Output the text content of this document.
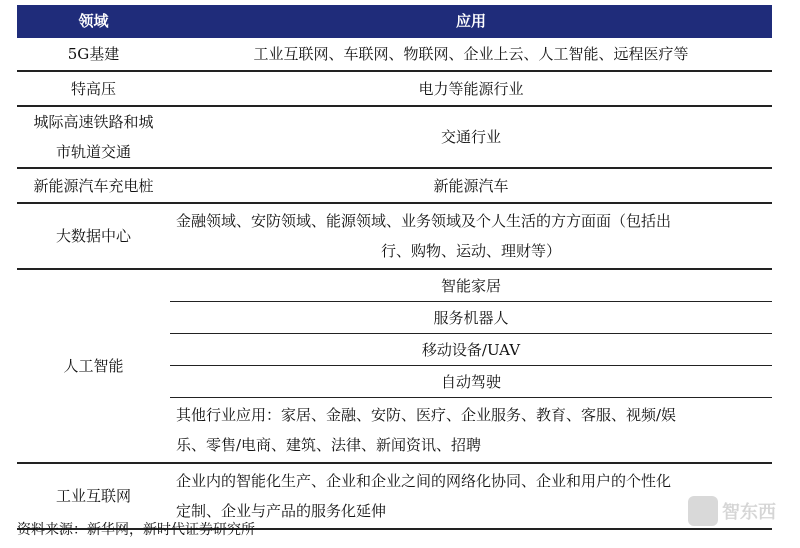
领域	应用
5G基建	工业互联网、车联网、物联网、企业上云、人工智能、远程医疗等
特高压	电力等能源行业

城际高速铁路和城
市轨道交通	交通行业
新能源汽车充电桩	新能源汽车
大数据中心	金融领域、安防领域、能源领域、业务领域及个人生活的方方面面（包括出
行、购物、运动、理财等）

人工智能	智能家居
	服务机器人
	移动设备/UAV
	自动驾驶

	其他行业应用：家居、金融、安防、医疗、企业服务、教育、客服、视频/娱
乐、零售/电商、建筑、法律、新闻资讯、招聘

工业互联网	企业内的智能化生产、企业和企业之间的网络化协同、企业和用户的个性化
定制、企业与产品的服务化延伸
资料来源：新华网，新时代证券研究所
智东西
